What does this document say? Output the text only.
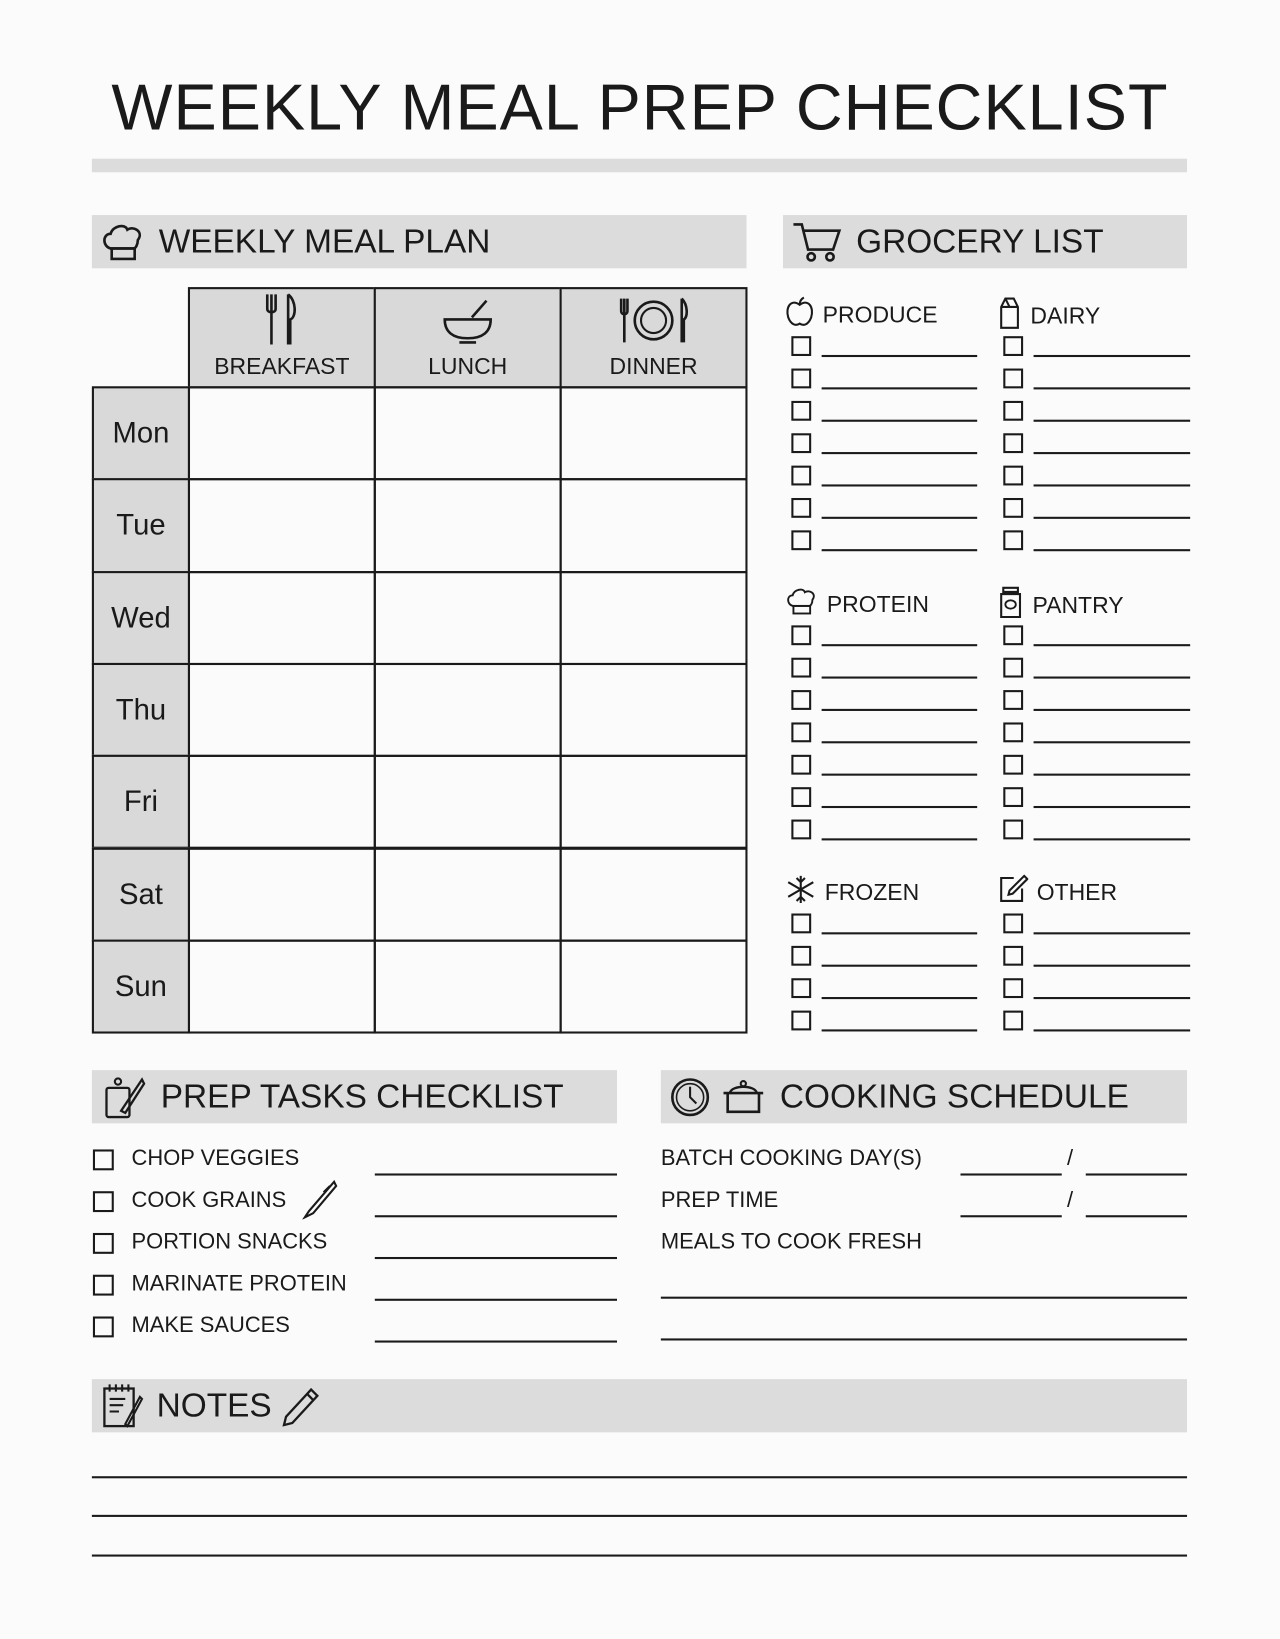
WEEKLY MEAL PREP CHECKLIST
WEEKLY MEAL PLAN	GROCERY LIST
BREAKFAST	LUNCH	DINNER
Mon
Tue
Wed
Thu
Fri
Sat
Sun
PRODUCE	DAIRY
PROTEIN	PANTRY
FROZEN	OTHER
PREP TASKS CHECKLIST	COOKING SCHEDULE
CHOP VEGGIES
COOK GRAINS
PORTION SNACKS
MARINATE PROTEIN
MAKE SAUCES
BATCH COOKING DAY(S)	/
PREP TIME	/
MEALS TO COOK FRESH
NOTES
